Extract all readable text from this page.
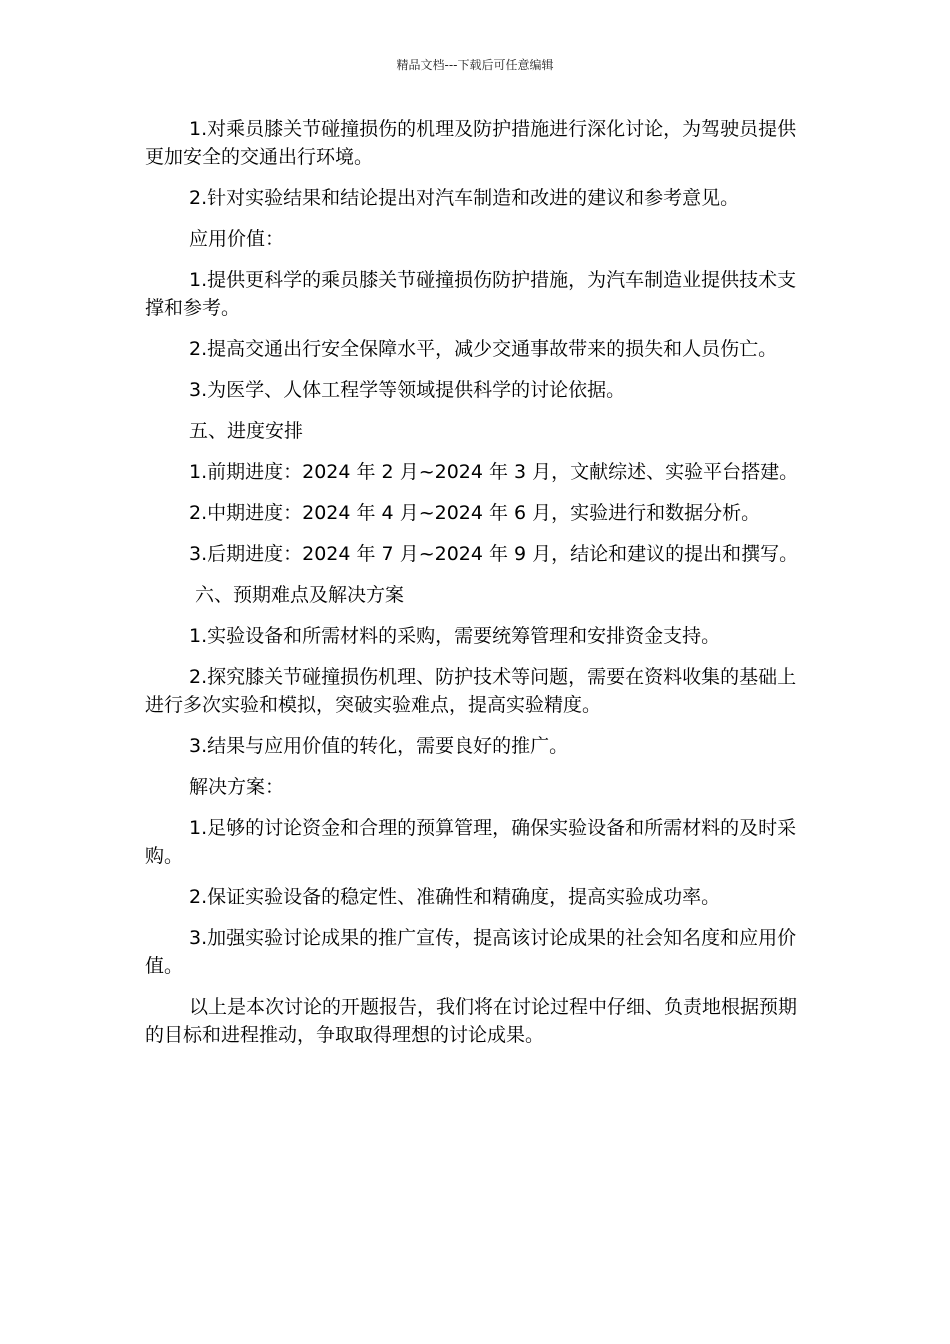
精品文档---下载后可任意编辑

1.对乘员膝关节碰撞损伤的机理及防护措施进行深化讨论，为驾驶员提供更加安全的交通出行环境。

2.针对实验结果和结论提出对汽车制造和改进的建议和参考意见。

应用价值：

1.提供更科学的乘员膝关节碰撞损伤防护措施，为汽车制造业提供技术支撑和参考。

2.提高交通出行安全保障水平，减少交通事故带来的损失和人员伤亡。

3.为医学、人体工程学等领域提供科学的讨论依据。

五、进度安排

1.前期进度：2024 年 2 月~2024 年 3 月，文献综述、实验平台搭建。

2.中期进度：2024 年 4 月~2024 年 6 月，实验进行和数据分析。

3.后期进度：2024 年 7 月~2024 年 9 月，结论和建议的提出和撰写。

六、预期难点及解决方案

1.实验设备和所需材料的采购，需要统筹管理和安排资金支持。

2.探究膝关节碰撞损伤机理、防护技术等问题，需要在资料收集的基础上进行多次实验和模拟，突破实验难点，提高实验精度。

3.结果与应用价值的转化，需要良好的推广。

解决方案：

1.足够的讨论资金和合理的预算管理，确保实验设备和所需材料的及时采购。

2.保证实验设备的稳定性、准确性和精确度，提高实验成功率。

3.加强实验讨论成果的推广宣传，提高该讨论成果的社会知名度和应用价值。

以上是本次讨论的开题报告，我们将在讨论过程中仔细、负责地根据预期的目标和进程推动，争取取得理想的讨论成果。
